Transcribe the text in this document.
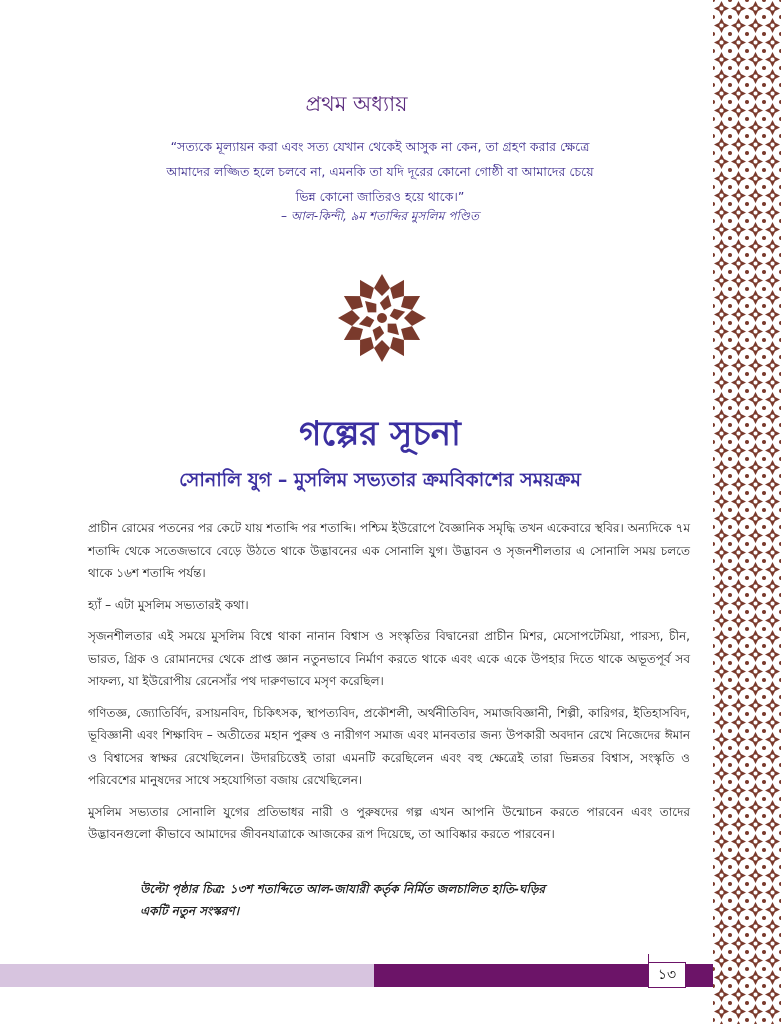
প্রথম অধ্যায়
“সত্যকে মূল্যায়ন করা এবং সত্য যেখান থেকেই আসুক না কেন, তা গ্রহণ করার ক্ষেত্রে আমাদের লজ্জিত হলে চলবে না, এমনকি তা যদি দূরের কোনো গোষ্ঠী বা আমাদের চেয়ে ভিন্ন কোনো জাতিরও হয়ে থাকে।”
– আল-কিন্দী, ৯ম শতাব্দির মুসলিম পণ্ডিত
গল্পের সূচনা
সোনালি যুগ – মুসলিম সভ্যতার ক্রমবিকাশের সময়ক্রম

প্রাচীন রোমের পতনের পর কেটে যায় শতাব্দি পর শতাব্দি। পশ্চিম ইউরোপে বৈজ্ঞানিক সমৃদ্ধি তখন একেবারে স্থবির। অন্যদিকে ৭ম শতাব্দি থেকে সতেজভাবে বেড়ে উঠতে থাকে উদ্ভাবনের এক সোনালি যুগ। উদ্ভাবন ও সৃজনশীলতার এ সোনালি সময় চলতে থাকে ১৬শ শতাব্দি পর্যন্ত।

হ্যাঁ – এটা মুসলিম সভ্যতারই কথা।

সৃজনশীলতার এই সময়ে মুসলিম বিশ্বে থাকা নানান বিশ্বাস ও সংস্কৃতির বিদ্বানেরা প্রাচীন মিশর, মেসোপটেমিয়া, পারস্য, চীন, ভারত, গ্রিক ও রোমানদের থেকে প্রাপ্ত জ্ঞান নতুনভাবে নির্মাণ করতে থাকে এবং একে একে উপহার দিতে থাকে অভূতপূর্ব সব সাফল্য, যা ইউরোপীয় রেনেসাঁর পথ দারুণভাবে মসৃণ করেছিল।

গণিতজ্ঞ, জ্যোতির্বিদ, রসায়নবিদ, চিকিৎসক, স্থাপত্যবিদ, প্রকৌশলী, অর্থনীতিবিদ, সমাজবিজ্ঞানী, শিল্পী, কারিগর, ইতিহাসবিদ, ভূবিজ্ঞানী এবং শিক্ষাবিদ – অতীতের মহান পুরুষ ও নারীগণ সমাজ এবং মানবতার জন্য উপকারী অবদান রেখে নিজেদের ঈমান ও বিশ্বাসের স্বাক্ষর রেখেছিলেন। উদারচিত্তেই তারা এমনটি করেছিলেন এবং বহু ক্ষেত্রেই তারা ভিন্নতর বিশ্বাস, সংস্কৃতি ও পরিবেশের মানুষদের সাথে সহযোগিতা বজায় রেখেছিলেন।

মুসলিম সভ্যতার সোনালি যুগের প্রতিভাধর নারী ও পুরুষদের গল্প এখন আপনি উন্মোচন করতে পারবেন এবং তাদের উদ্ভাবনগুলো কীভাবে আমাদের জীবনযাত্রাকে আজকের রূপ দিয়েছে, তা আবিষ্কার করতে পারবেন।

উল্টো পৃষ্ঠার চিত্র: ১৩শ শতাব্দিতে আল-জাযারী কর্তৃক নির্মিত জলচালিত হাতি-ঘড়ির একটি নতুন সংস্করণ।
১৩
